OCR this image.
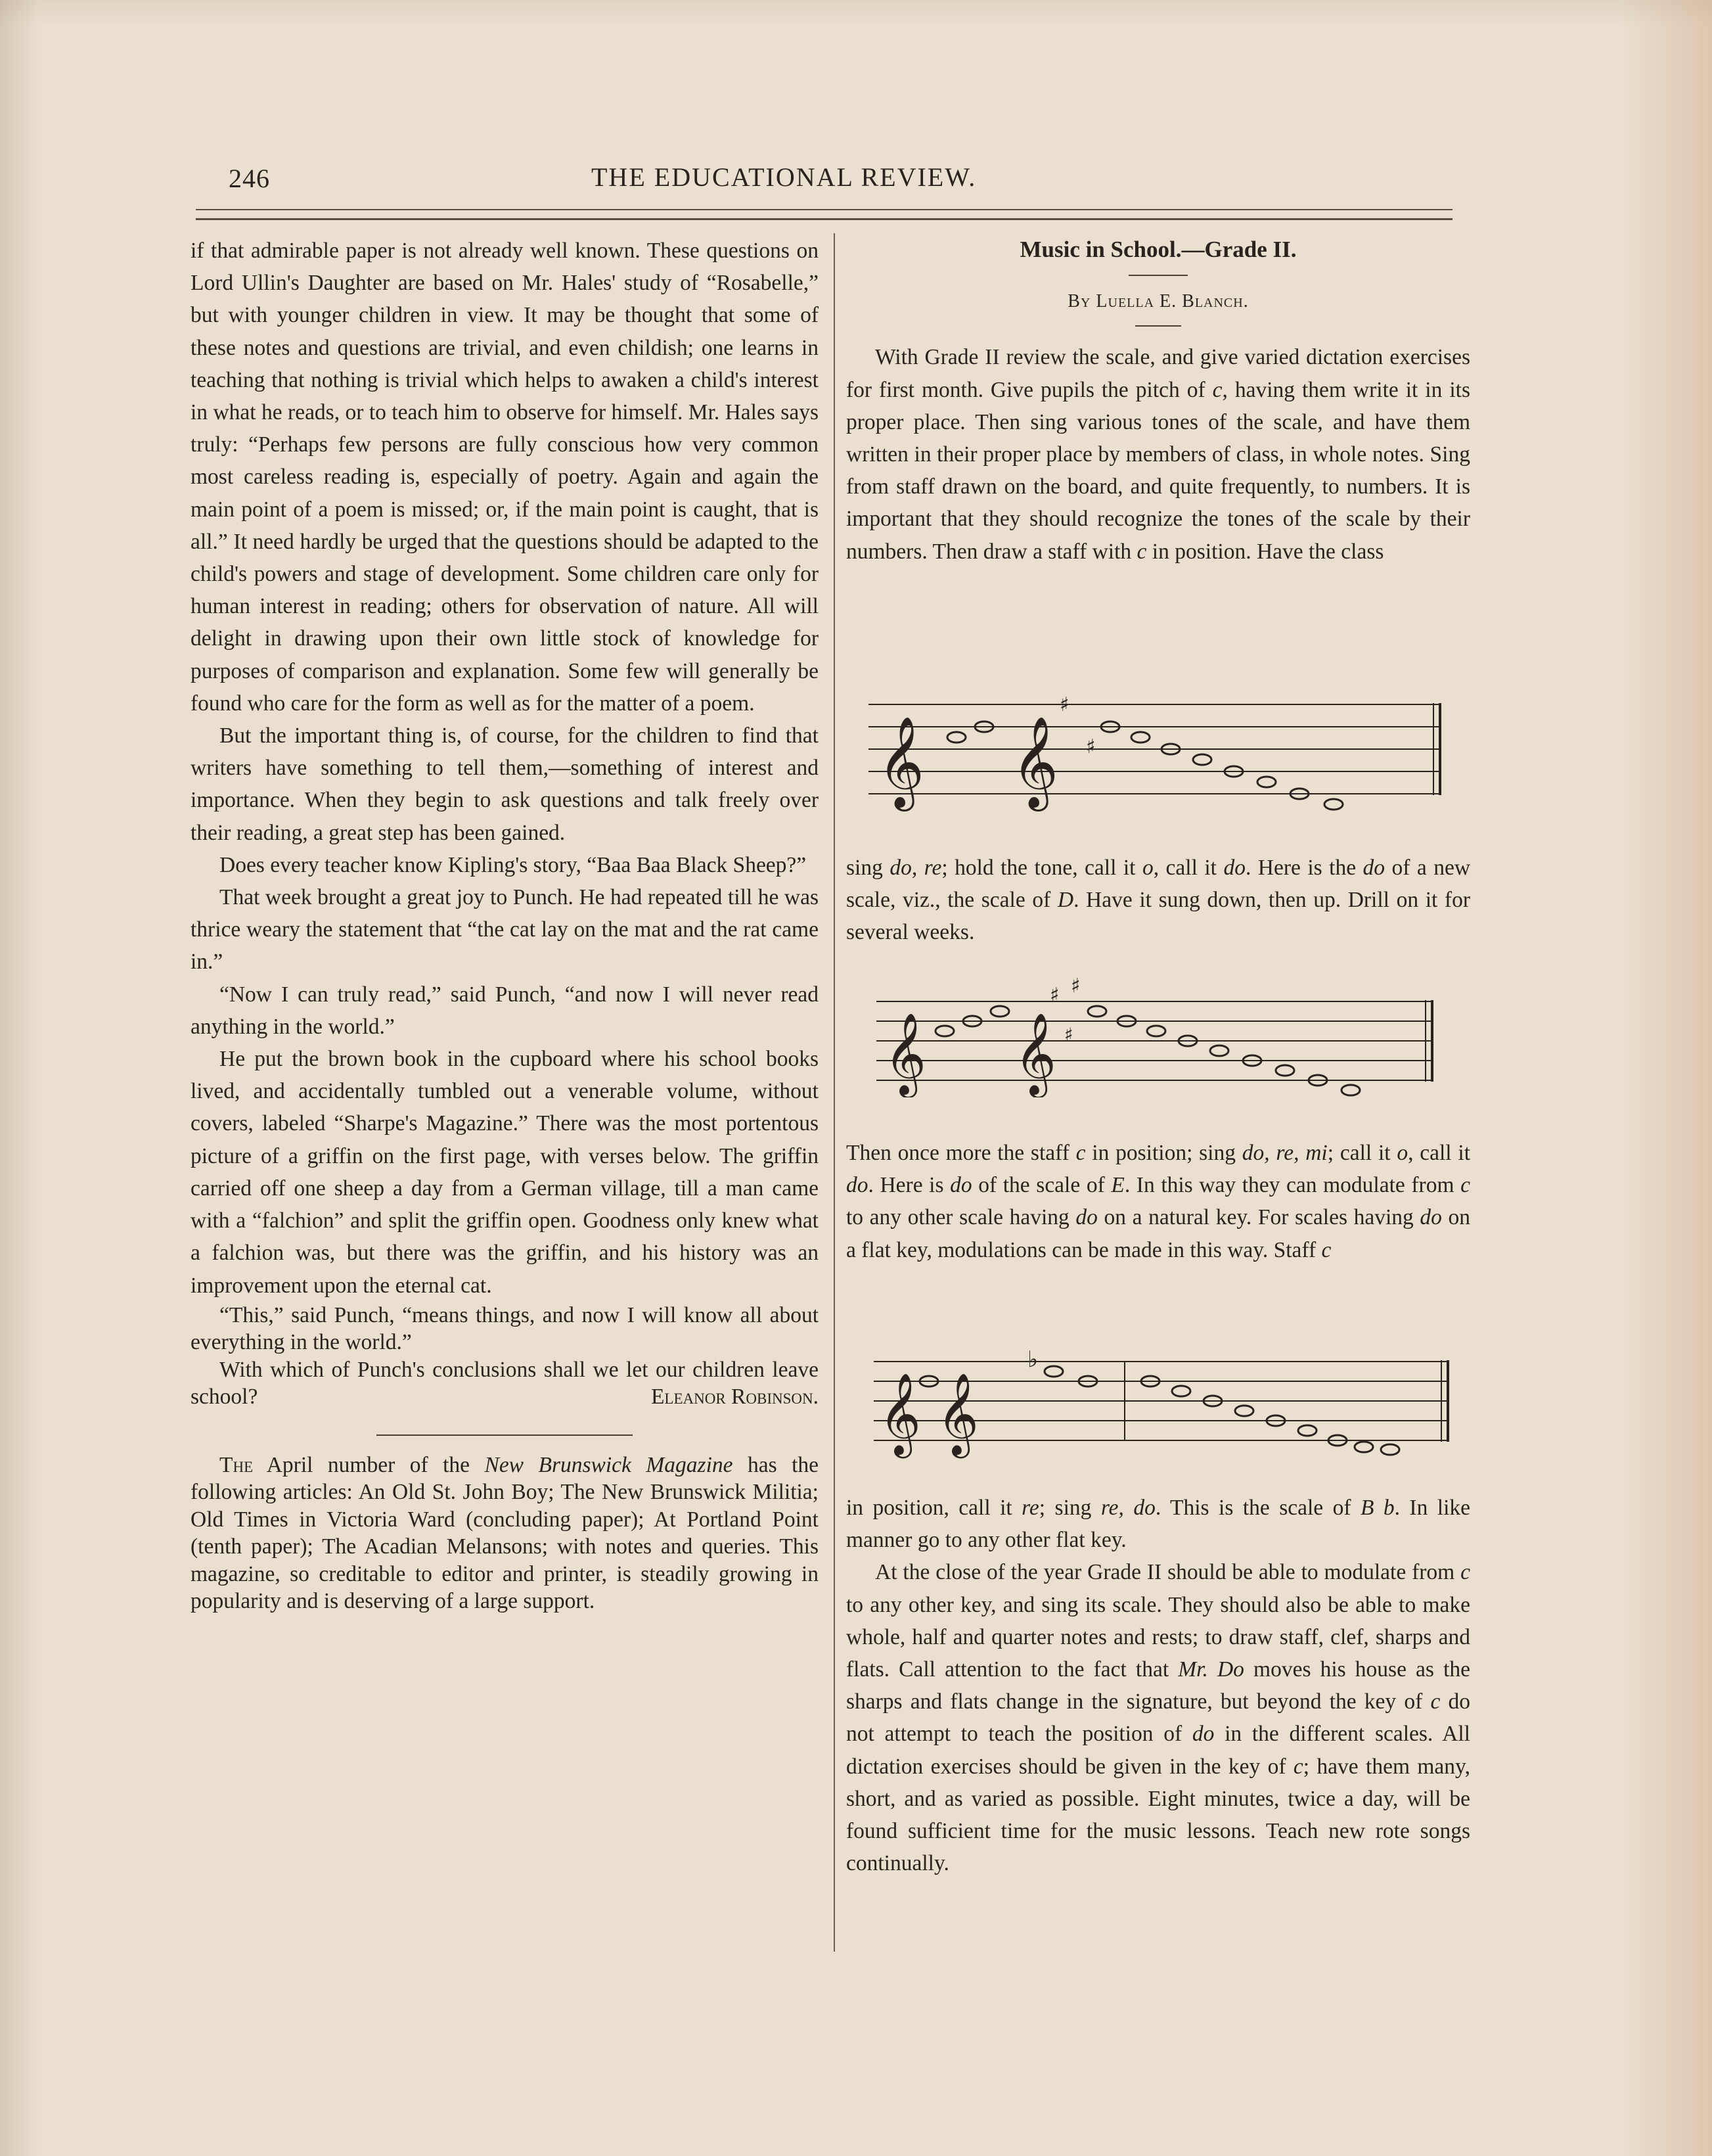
246	THE EDUCATIONAL REVIEW.

if that admirable paper is not already well known. These questions on Lord Ullin's Daughter are based on Mr. Hales' study of “Rosabelle,” but with younger children in view. It may be thought that some of these notes and questions are trivial, and even childish; one learns in teaching that nothing is trivial which helps to awaken a child's interest in what he reads, or to teach him to observe for himself. Mr. Hales says truly: “Perhaps few persons are fully conscious how very common most careless reading is, especially of poetry. Again and again the main point of a poem is missed; or, if the main point is caught, that is all.” It need hardly be urged that the questions should be adapted to the child's powers and stage of development. Some children care only for human interest in reading; others for observation of nature. All will delight in drawing upon their own little stock of knowledge for purposes of comparison and explanation. Some few will generally be found who care for the form as well as for the matter of a poem.

But the important thing is, of course, for the children to find that writers have something to tell them,—something of interest and importance. When they begin to ask questions and talk freely over their reading, a great step has been gained.

Does every teacher know Kipling's story, “Baa Baa Black Sheep?”

That week brought a great joy to Punch. He had repeated till he was thrice weary the statement that “the cat lay on the mat and the rat came in.”

“Now I can truly read,” said Punch, “and now I will never read anything in the world.”

He put the brown book in the cupboard where his school books lived, and accidentally tumbled out a venerable volume, without covers, labeled “Sharpe's Magazine.” There was the most portentous picture of a griffin on the first page, with verses below. The griffin carried off one sheep a day from a German village, till a man came with a “falchion” and split the griffin open. Goodness only knew what a falchion was, but there was the griffin, and his history was an improvement upon the eternal cat.

“This,” said Punch, “means things, and now I will know all about everything in the world.”

With which of Punch's conclusions shall we let our children leave school?	Eleanor Robinson.

The April number of the New Brunswick Magazine has the following articles: An Old St. John Boy; The New Brunswick Militia; Old Times in Victoria Ward (concluding paper); At Portland Point (tenth paper); The Acadian Melansons; with notes and queries. This magazine, so creditable to editor and printer, is steadily growing in popularity and is deserving of a large support.

Music in School.—Grade II.

By Luella E. Blanch.

With Grade II review the scale, and give varied dictation exercises for first month. Give pupils the pitch of c, having them write it in its proper place. Then sing various tones of the scale, and have them written in their proper place by members of class, in whole notes. Sing from staff drawn on the board, and quite frequently, to numbers. It is important that they should recognize the tones of the scale by their numbers. Then draw a staff with c in position. Have the class

sing do, re; hold the tone, call it o, call it do. Here is the do of a new scale, viz., the scale of D. Have it sung down, then up. Drill on it for several weeks.

Then once more the staff c in position; sing do, re, mi; call it o, call it do. Here is do of the scale of E. In this way they can modulate from c to any other scale having do on a natural key. For scales having do on a flat key, modulations can be made in this way. Staff c

in position, call it re; sing re, do. This is the scale of B b. In like manner go to any other flat key.

At the close of the year Grade II should be able to modulate from c to any other key, and sing its scale. They should also be able to make whole, half and quarter notes and rests; to draw staff, clef, sharps and flats. Call attention to the fact that Mr. Do moves his house as the sharps and flats change in the signature, but beyond the key of c do not attempt to teach the position of do in the different scales. All dictation exercises should be given in the key of c; have them many, short, and as varied as possible. Eight minutes, twice a day, will be found sufficient time for the music lessons. Teach new rote songs continually.

𝄞 𝄞
♯
♯
𝄞 𝄞
♯ ♯
♯
𝄞 𝄞
♭
